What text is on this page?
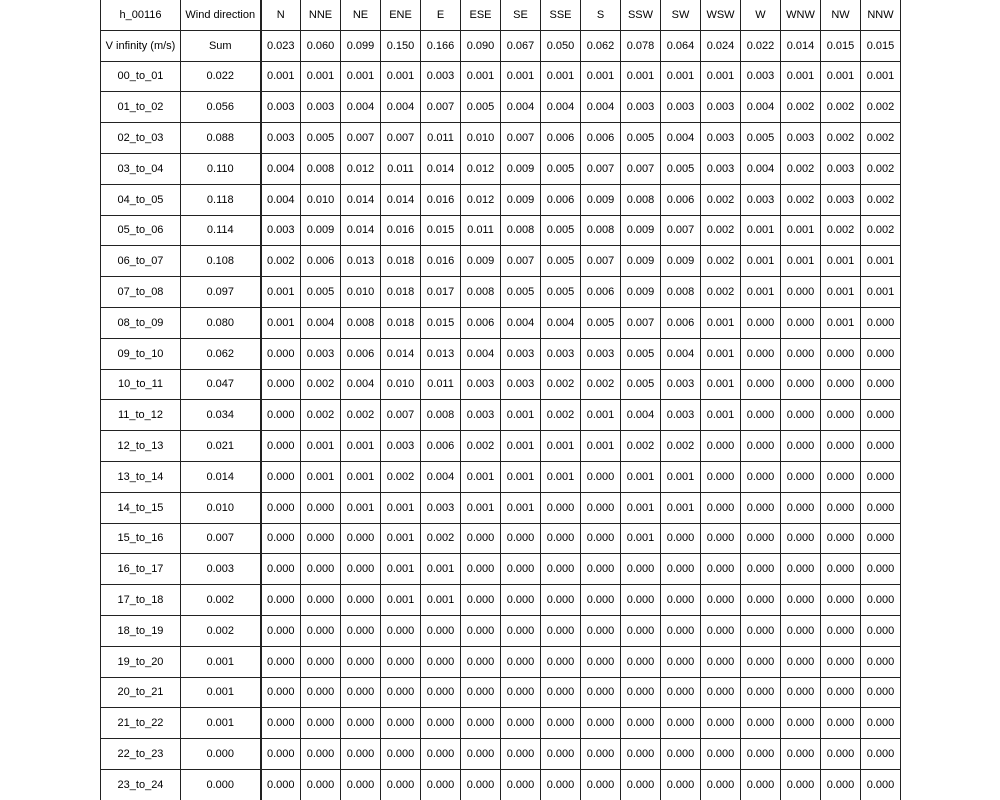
h_00116	Wind direction	N	NNE	NE	ENE	E	ESE	SE	SSE	S	SSW	SW	WSW	W	WNW	NW	NNW
V infinity (m/s)	Sum	0.023	0.060	0.099	0.150	0.166	0.090	0.067	0.050	0.062	0.078	0.064	0.024	0.022	0.014	0.015	0.015
00_to_01	0.022	0.001	0.001	0.001	0.001	0.003	0.001	0.001	0.001	0.001	0.001	0.001	0.001	0.003	0.001	0.001	0.001
01_to_02	0.056	0.003	0.003	0.004	0.004	0.007	0.005	0.004	0.004	0.004	0.003	0.003	0.003	0.004	0.002	0.002	0.002
02_to_03	0.088	0.003	0.005	0.007	0.007	0.011	0.010	0.007	0.006	0.006	0.005	0.004	0.003	0.005	0.003	0.002	0.002
03_to_04	0.110	0.004	0.008	0.012	0.011	0.014	0.012	0.009	0.005	0.007	0.007	0.005	0.003	0.004	0.002	0.003	0.002
04_to_05	0.118	0.004	0.010	0.014	0.014	0.016	0.012	0.009	0.006	0.009	0.008	0.006	0.002	0.003	0.002	0.003	0.002
05_to_06	0.114	0.003	0.009	0.014	0.016	0.015	0.011	0.008	0.005	0.008	0.009	0.007	0.002	0.001	0.001	0.002	0.002
06_to_07	0.108	0.002	0.006	0.013	0.018	0.016	0.009	0.007	0.005	0.007	0.009	0.009	0.002	0.001	0.001	0.001	0.001
07_to_08	0.097	0.001	0.005	0.010	0.018	0.017	0.008	0.005	0.005	0.006	0.009	0.008	0.002	0.001	0.000	0.001	0.001
08_to_09	0.080	0.001	0.004	0.008	0.018	0.015	0.006	0.004	0.004	0.005	0.007	0.006	0.001	0.000	0.000	0.001	0.000
09_to_10	0.062	0.000	0.003	0.006	0.014	0.013	0.004	0.003	0.003	0.003	0.005	0.004	0.001	0.000	0.000	0.000	0.000
10_to_11	0.047	0.000	0.002	0.004	0.010	0.011	0.003	0.003	0.002	0.002	0.005	0.003	0.001	0.000	0.000	0.000	0.000
11_to_12	0.034	0.000	0.002	0.002	0.007	0.008	0.003	0.001	0.002	0.001	0.004	0.003	0.001	0.000	0.000	0.000	0.000
12_to_13	0.021	0.000	0.001	0.001	0.003	0.006	0.002	0.001	0.001	0.001	0.002	0.002	0.000	0.000	0.000	0.000	0.000
13_to_14	0.014	0.000	0.001	0.001	0.002	0.004	0.001	0.001	0.001	0.000	0.001	0.001	0.000	0.000	0.000	0.000	0.000
14_to_15	0.010	0.000	0.000	0.001	0.001	0.003	0.001	0.001	0.000	0.000	0.001	0.001	0.000	0.000	0.000	0.000	0.000
15_to_16	0.007	0.000	0.000	0.000	0.001	0.002	0.000	0.000	0.000	0.000	0.001	0.000	0.000	0.000	0.000	0.000	0.000
16_to_17	0.003	0.000	0.000	0.000	0.001	0.001	0.000	0.000	0.000	0.000	0.000	0.000	0.000	0.000	0.000	0.000	0.000
17_to_18	0.002	0.000	0.000	0.000	0.001	0.001	0.000	0.000	0.000	0.000	0.000	0.000	0.000	0.000	0.000	0.000	0.000
18_to_19	0.002	0.000	0.000	0.000	0.000	0.000	0.000	0.000	0.000	0.000	0.000	0.000	0.000	0.000	0.000	0.000	0.000
19_to_20	0.001	0.000	0.000	0.000	0.000	0.000	0.000	0.000	0.000	0.000	0.000	0.000	0.000	0.000	0.000	0.000	0.000
20_to_21	0.001	0.000	0.000	0.000	0.000	0.000	0.000	0.000	0.000	0.000	0.000	0.000	0.000	0.000	0.000	0.000	0.000
21_to_22	0.001	0.000	0.000	0.000	0.000	0.000	0.000	0.000	0.000	0.000	0.000	0.000	0.000	0.000	0.000	0.000	0.000
22_to_23	0.000	0.000	0.000	0.000	0.000	0.000	0.000	0.000	0.000	0.000	0.000	0.000	0.000	0.000	0.000	0.000	0.000
23_to_24	0.000	0.000	0.000	0.000	0.000	0.000	0.000	0.000	0.000	0.000	0.000	0.000	0.000	0.000	0.000	0.000	0.000
